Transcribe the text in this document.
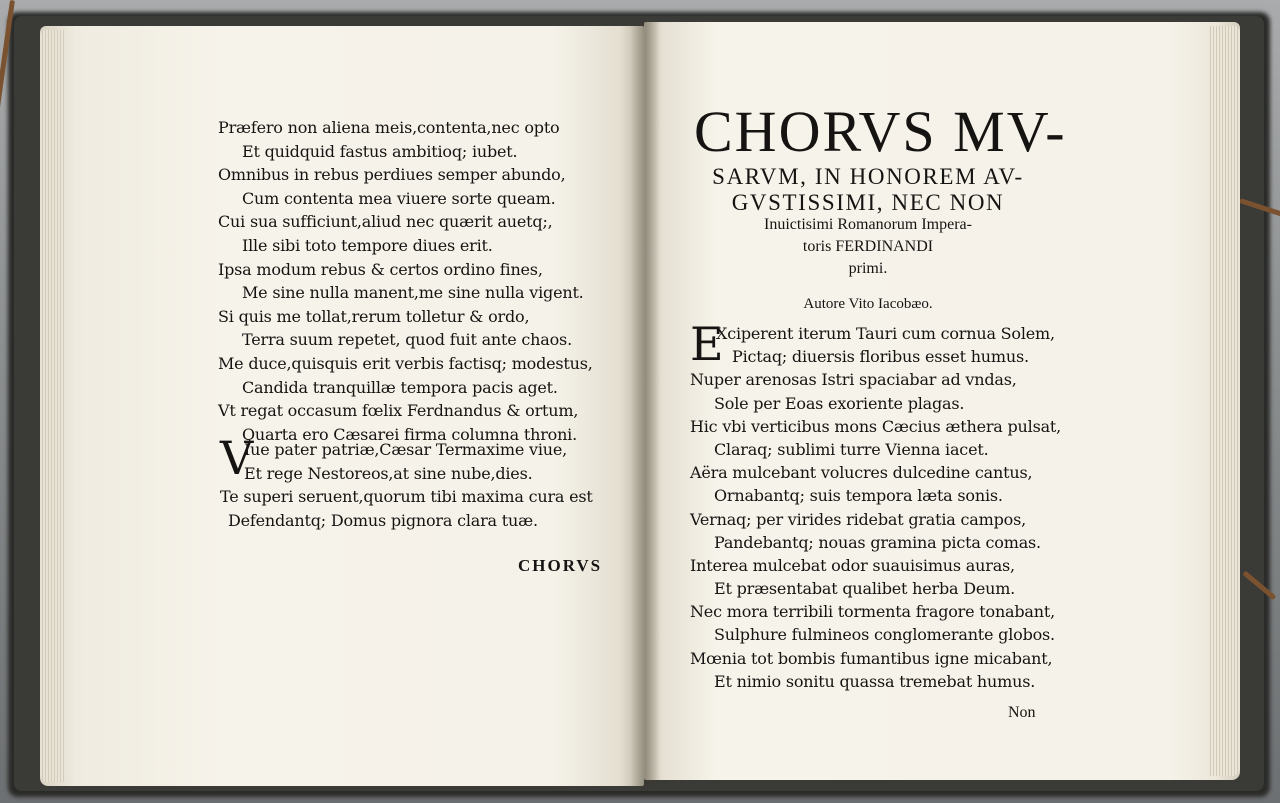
Præfero non aliena meis,contenta,nec opto
Et quidquid fastus ambitioq; iubet.
Omnibus in rebus perdiues semper abundo,
Cum contenta mea viuere sorte queam.
Cui sua sufficiunt,aliud nec quærit auetq;,
Ille sibi toto tempore diues erit.
Ipsa modum rebus & certos ordino fines,
Me sine nulla manent,me sine nulla vigent.
Si quis me tollat,rerum tolletur & ordo,
Terra suum repetet, quod fuit ante chaos.
Me duce,quisquis erit verbis factisq; modestus,
Candida tranquillæ tempora pacis aget.
Vt regat occasum fœlix Ferdnandus & ortum,
Quarta ero Cæsarei firma columna throni.
V
Iue pater patriæ,Cæsar Termaxime viue,
Et rege Nestoreos,at sine nube,dies.
Te superi seruent,quorum tibi maxima cura est
Defendantq; Domus pignora clara tuæ.
CHORVS
CHORVS MV-
SARVM, IN HONOREM AV-
GVSTISSIMI, NEC NON
Inuictisimi Romanorum Impera-
toris FERDINANDI
primi.
Autore Vito Iacobæo.
E
Xciperent iterum Tauri cum cornua Solem,
Pictaq; diuersis floribus esset humus.
Nuper arenosas Istri spaciabar ad vndas,
Sole per Eoas exoriente plagas.
Hic vbi verticibus mons Cæcius æthera pulsat,
Claraq; sublimi turre Vienna iacet.
Aëra mulcebant volucres dulcedine cantus,
Ornabantq; suis tempora læta sonis.
Vernaq; per virides ridebat gratia campos,
Pandebantq; nouas gramina picta comas.
Interea mulcebat odor suauisimus auras,
Et præsentabat qualibet herba Deum.
Nec mora terribili tormenta fragore tonabant,
Sulphure fulmineos conglomerante globos.
Mœnia tot bombis fumantibus igne micabant,
Et nimio sonitu quassa tremebat humus.
Non
